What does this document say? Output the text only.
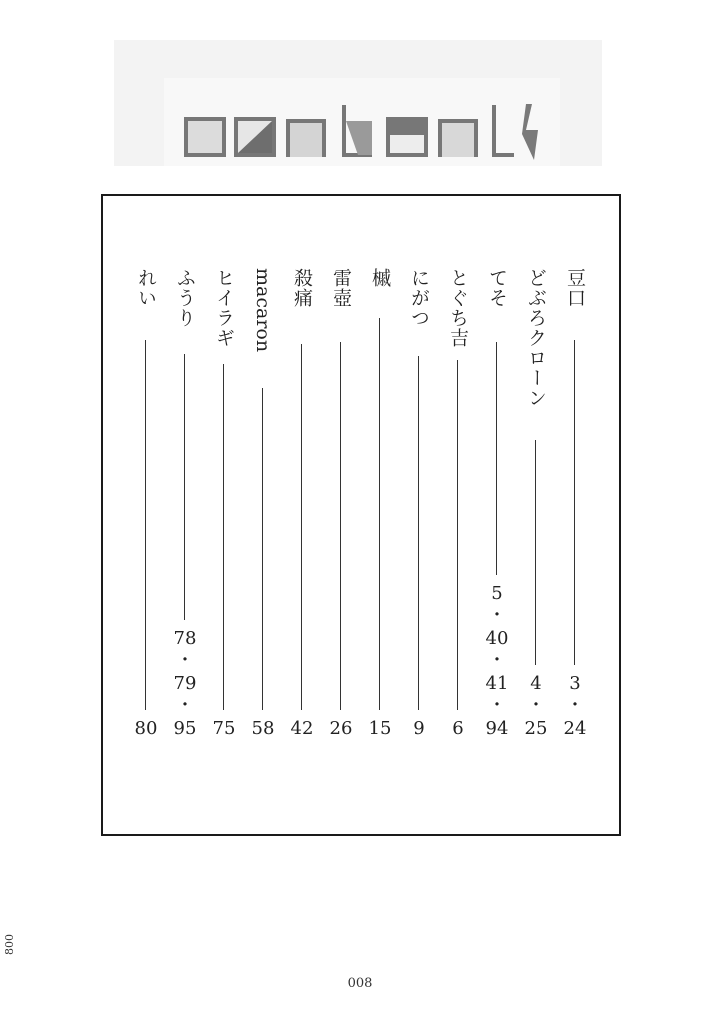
豆口
3
・
24
どぶろクローン
4
・
25
てそ
5
・
40
・
41
・
94
とぐち吉
6
にがつ
9
槭
15
雷壺
26
殺痛
42
macaron
58
ヒイラギ
75
ふうり
78
・
79
・
95
れい
80
800
008
